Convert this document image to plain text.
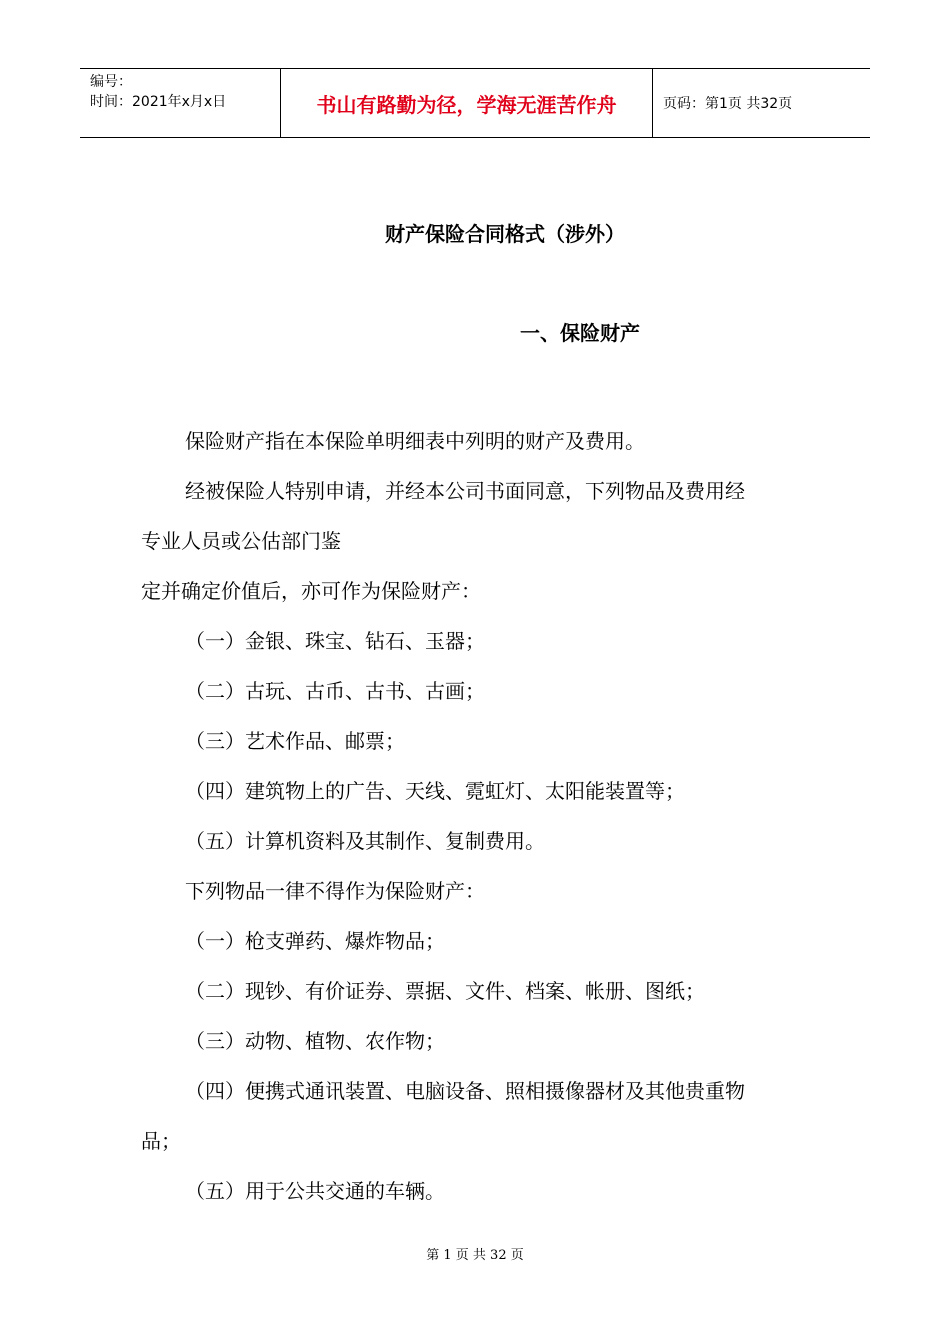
编号：
时间：2021年x月x日	书山有路勤为径，学海无涯苦作舟	页码：第1页 共32页
财产保险合同格式（涉外）
一、保险财产

保险财产指在本保险单明细表中列明的财产及费用。

经被保险人特别申请，并经本公司书面同意，下列物品及费用经

专业人员或公估部门鉴

定并确定价值后，亦可作为保险财产：

（一）金银、珠宝、钻石、玉器；

（二）古玩、古币、古书、古画；

（三）艺术作品、邮票；

（四）建筑物上的广告、天线、霓虹灯、太阳能装置等；

（五）计算机资料及其制作、复制费用。

下列物品一律不得作为保险财产：

（一）枪支弹药、爆炸物品；

（二）现钞、有价证券、票据、文件、档案、帐册、图纸；

（三）动物、植物、农作物；

（四）便携式通讯装置、电脑设备、照相摄像器材及其他贵重物

品；

（五）用于公共交通的车辆。

第 1 页 共 32 页
